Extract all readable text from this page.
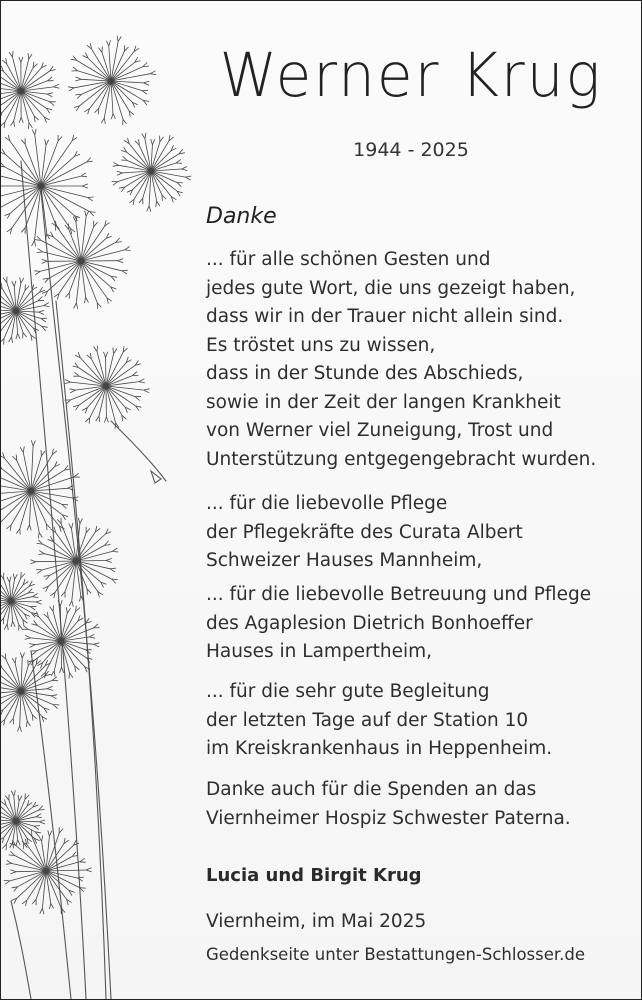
Werner Krug
1944 - 2025
Danke
... für alle schönen Gesten und
jedes gute Wort, die uns gezeigt haben,
dass wir in der Trauer nicht allein sind.
Es tröstet uns zu wissen,
dass in der Stunde des Abschieds,
sowie in der Zeit der langen Krankheit
von Werner viel Zuneigung, Trost und
Unterstützung entgegengebracht wurden.
... für die liebevolle Pflege
der Pflegekräfte des Curata Albert
Schweizer Hauses Mannheim,
... für die liebevolle Betreuung und Pflege
des Agaplesion Dietrich Bonhoeffer
Hauses in Lampertheim,
... für die sehr gute Begleitung
der letzten Tage auf der Station 10
im Kreiskrankenhaus in Heppenheim.
Danke auch für die Spenden an das
Viernheimer Hospiz Schwester Paterna.
Lucia und Birgit Krug
Viernheim, im Mai 2025
Gedenkseite unter Bestattungen-Schlosser.de
